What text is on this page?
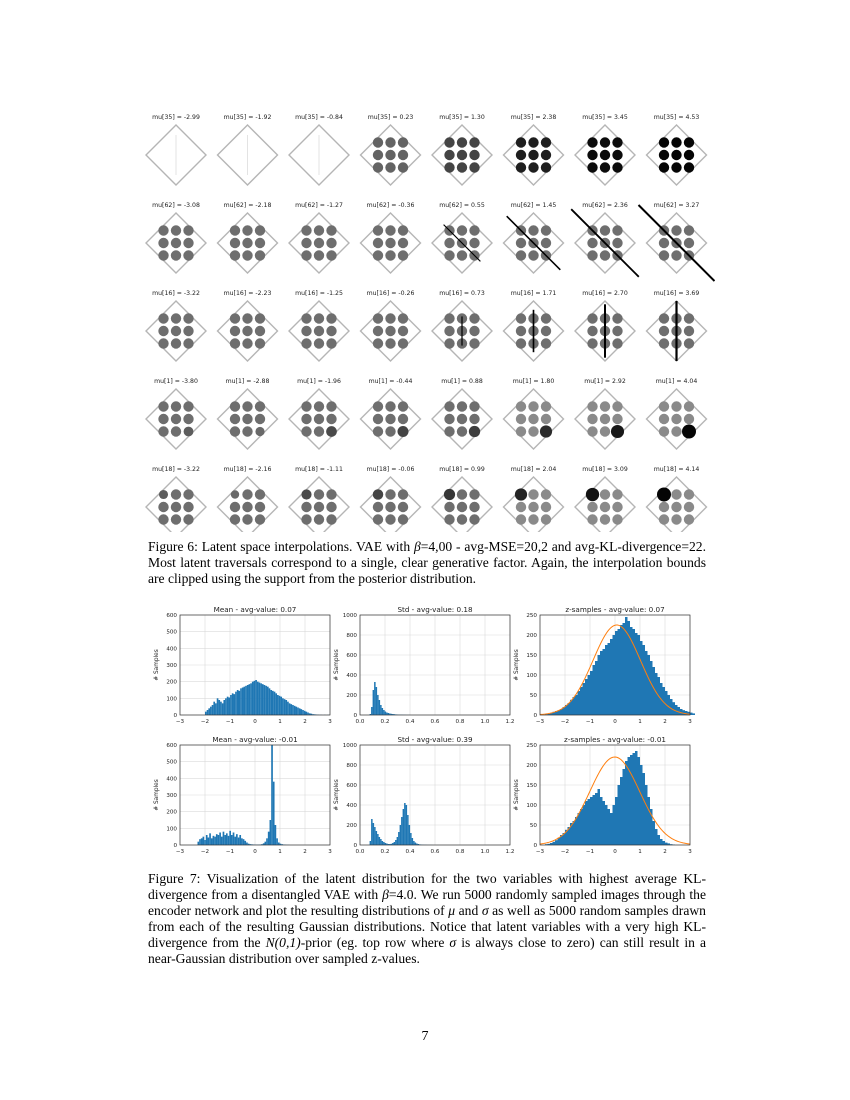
mu[35] = -2.99	mu[35] = -1.92	mu[35] = -0.84	mu[35] = 0.23	mu[35] = 1.30	mu[35] = 2.38	mu[35] = 3.45	mu[35] = 4.53
mu[62] = -3.08	mu[62] = -2.18	mu[62] = -1.27	mu[62] = -0.36	mu[62] = 0.55	mu[62] = 1.45	mu[62] = 2.36	mu[62] = 3.27
mu[16] = -3.22	mu[16] = -2.23	mu[16] = -1.25	mu[16] = -0.26	mu[16] = 0.73	mu[16] = 1.71	mu[16] = 2.70	mu[16] = 3.69
mu[1] = -3.80	mu[1] = -2.88	mu[1] = -1.96	mu[1] = -0.44	mu[1] = 0.88	mu[1] = 1.80	mu[1] = 2.92	mu[1] = 4.04
mu[18] = -3.22	mu[18] = -2.16	mu[18] = -1.11	mu[18] = -0.06	mu[18] = 0.99	mu[18] = 2.04	mu[18] = 3.09	mu[18] = 4.14
Figure 6: Latent space interpolations. VAE with β=4,00 - avg-MSE=20,2 and avg-KL-divergence=22. Most latent traversals correspond to a single, clear generative factor. Again, the interpolation bounds are clipped using the support from the posterior distribution.
Mean - avg-value: 0.07
−3	−2	−1	0	1	2	3
0
100
200
300
400
500
600
# Samples
Std - avg-value: 0.18
0.0	0.2	0.4	0.6	0.8	1.0	1.2
0
200
400
600
800
1000
# Samples
z-samples - avg-value: 0.07
−3	−2	−1	0	1	2	3
0
50
100
150
200
250
# Samples
Mean - avg-value: -0.01
−3	−2	−1	0	1	2	3
0
100
200
300
400
500
600
# Samples
Std - avg-value: 0.39
0.0	0.2	0.4	0.6	0.8	1.0	1.2
0
200
400
600
800
1000
# Samples
z-samples - avg-value: -0.01
−3	−2	−1	0	1	2	3
0
50
100
150
200
250
# Samples
Figure 7: Visualization of the latent distribution for the two variables with highest average KL-divergence from a disentangled VAE with β=4.0. We run 5000 randomly sampled images through the encoder network and plot the resulting distributions of μ and σ as well as 5000 random samples drawn from each of the resulting Gaussian distributions. Notice that latent variables with a very high KL-divergence from the N(0,1)-prior (eg. top row where σ is always close to zero) can still result in a near-Gaussian distribution over sampled z-values.
7
